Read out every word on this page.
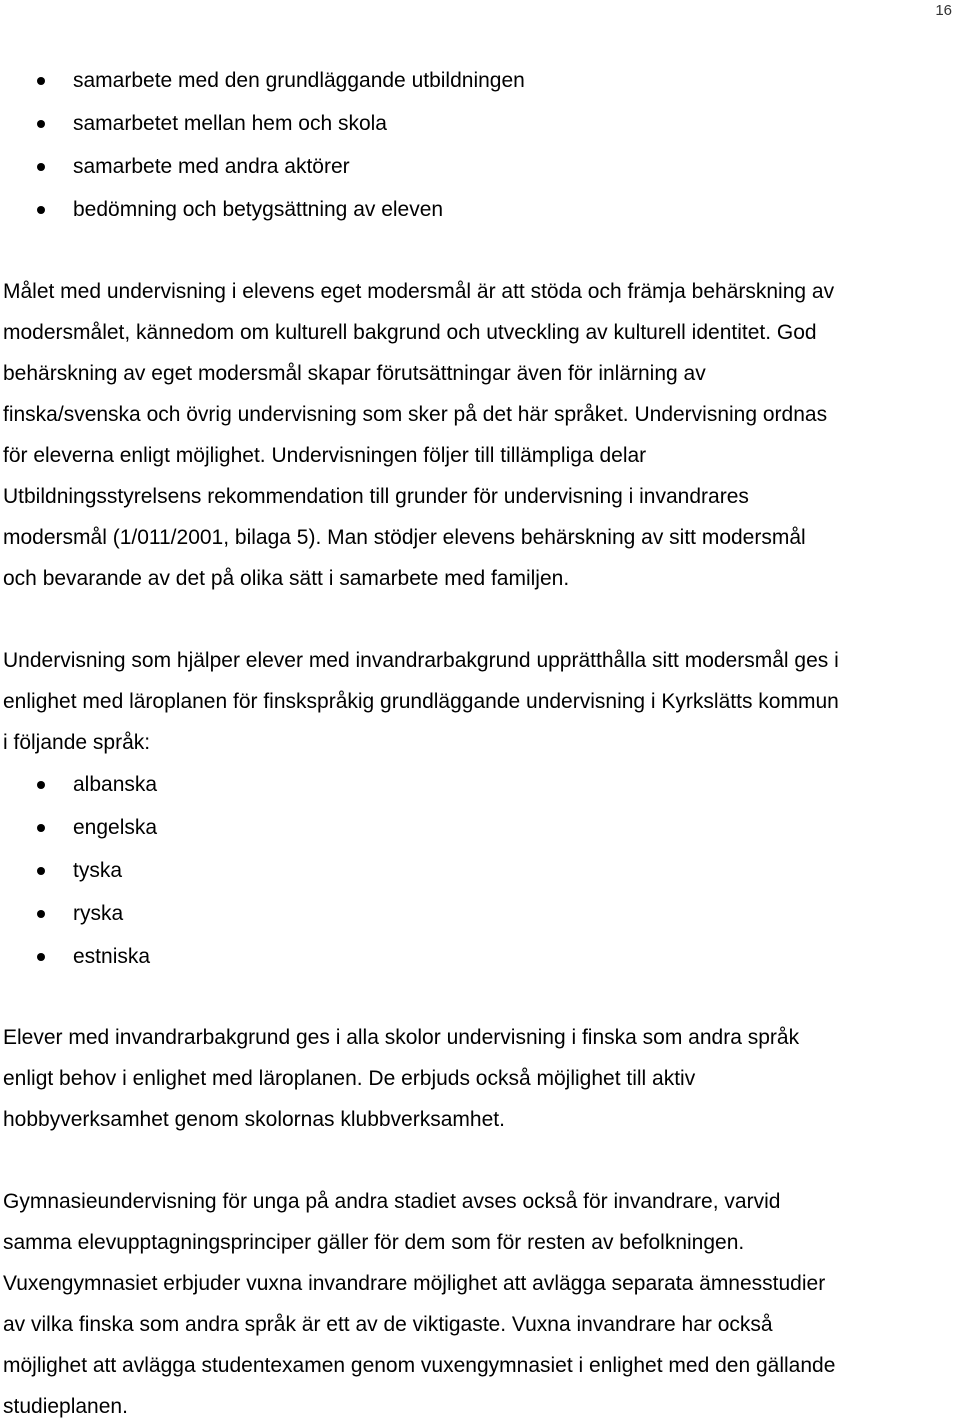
16
samarbete med den grundläggande utbildningen
samarbetet mellan hem och skola
samarbete med andra aktörer
bedömning och betygsättning av eleven

Målet med undervisning i elevens eget modersmål är att stöda och främja behärskning av
modersmålet, kännedom om kulturell bakgrund och utveckling av kulturell identitet. God
behärskning av eget modersmål skapar förutsättningar även för inlärning av
finska/svenska och övrig undervisning som sker på det här språket. Undervisning ordnas
för eleverna enligt möjlighet. Undervisningen följer till tillämpliga delar
Utbildningsstyrelsens rekommendation till grunder för undervisning i invandrares
modersmål (1/011/2001, bilaga 5). Man stödjer elevens behärskning av sitt modersmål
och bevarande av det på olika sätt i samarbete med familjen.

Undervisning som hjälper elever med invandrarbakgrund upprätthålla sitt modersmål ges i
enlighet med läroplanen för finskspråkig grundläggande undervisning i Kyrkslätts kommun
i följande språk:

albanska
engelska
tyska
ryska
estniska

Elever med invandrarbakgrund ges i alla skolor undervisning i finska som andra språk
enligt behov i enlighet med läroplanen. De erbjuds också möjlighet till aktiv
hobbyverksamhet genom skolornas klubbverksamhet.

Gymnasieundervisning för unga på andra stadiet avses också för invandrare, varvid
samma elevupptagningsprinciper gäller för dem som för resten av befolkningen.
Vuxengymnasiet erbjuder vuxna invandrare möjlighet att avlägga separata ämnesstudier
av vilka finska som andra språk är ett av de viktigaste. Vuxna invandrare har också
möjlighet att avlägga studentexamen genom vuxengymnasiet i enlighet med den gällande
studieplanen.
